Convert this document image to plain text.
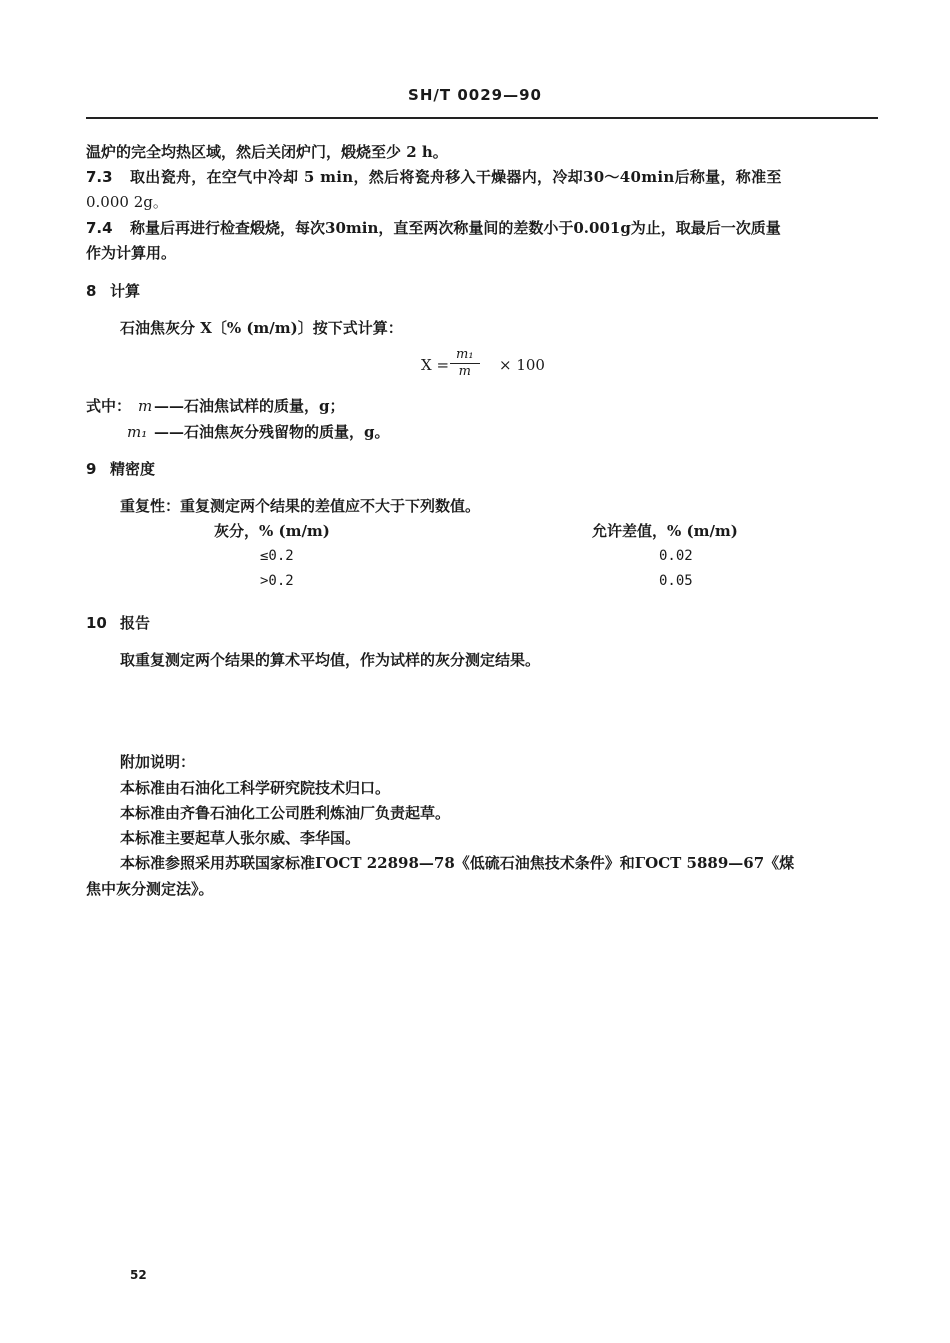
SH/T 0029—90
温炉的完全均热区域，然后关闭炉门，煅烧至少 2 h。
7.3 取出瓷舟，在空气中冷却 5 min，然后将瓷舟移入干燥器内，冷却30～40min后称量，称准至
0.000 2g。
7.4 称量后再进行检查煅烧，每次30min，直至两次称量间的差数小于0.001g为止，取最后一次质量
作为计算用。
8 计算
石油焦灰分 X〔% (m/m)〕按下式计算：
$X = \frac{\text{m₁}}{m} \times 100$
式中： m ——石油焦试样的质量，g；
m₁ ——石油焦灰分残留物的质量，g。
9 精密度
重复性：重复测定两个结果的差值应不大于下列数值。
灰分，% (m/m)	允许差值，% (m/m)
≤0.2	0.02
>0.2	0.05
10 报告
取重复测定两个结果的算术平均值，作为试样的灰分测定结果。
附加说明：
本标准由石油化工科学研究院技术归口。
本标准由齐鲁石油化工公司胜利炼油厂负责起草。
本标准主要起草人张尔威、李华国。
本标准参照采用苏联国家标准ГОСТ 22898—78《低硫石油焦技术条件》和ГОСТ 5889—67《煤
焦中灰分测定法》。
52
